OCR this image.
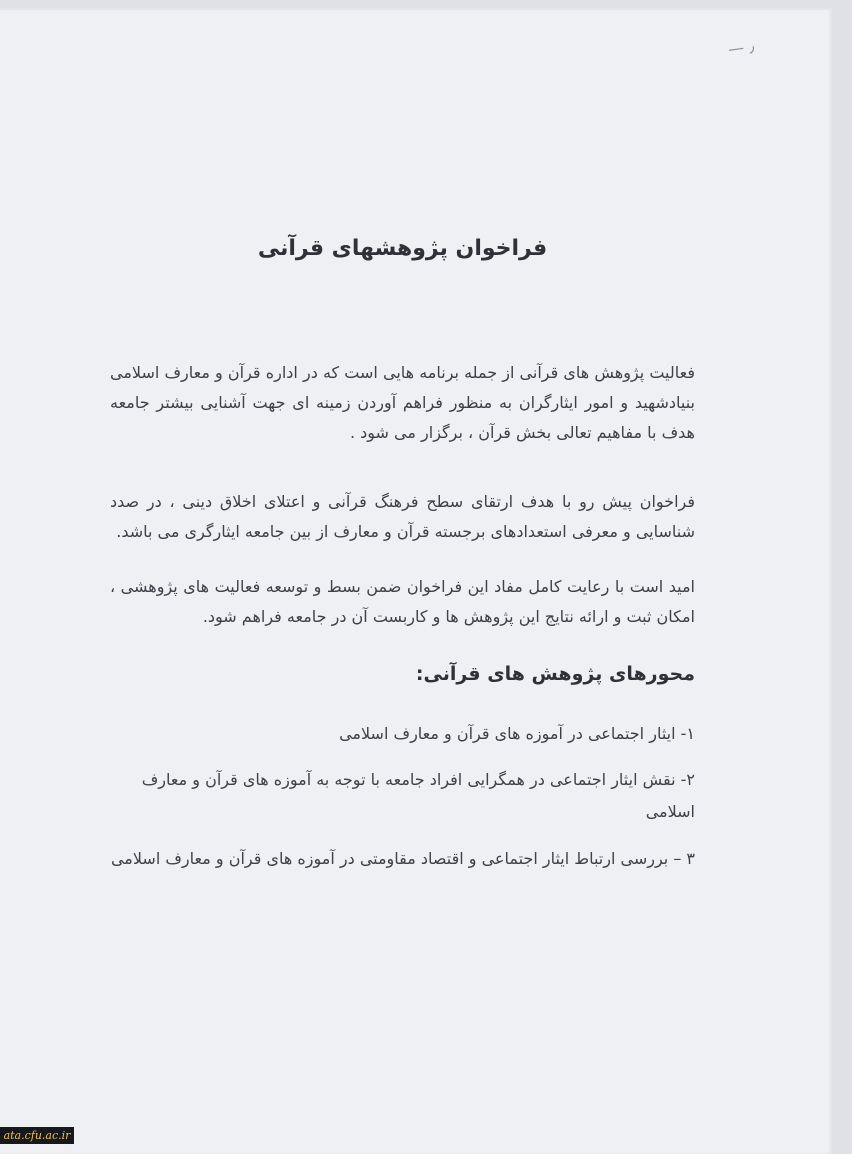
— ٫
فراخوان پژوهشهای قرآنی

فعالیت پژوهش های قرآنی از جمله برنامه هایی است که در اداره قرآن و معارف اسلامی بنیادشهید و امور ایثارگران به منظور فراهم آوردن زمینه ای جهت آشنایی بیشتر جامعه هدف با مفاهیم تعالی بخش قرآن ، برگزار می شود .

فراخوان پیش رو با هدف ارتقای سطح فرهنگ قرآنی و اعتلای اخلاق دینی ، در صدد شناسایی و معرفی استعدادهای برجسته قرآن و معارف از بین جامعه ایثارگری می باشد.

امید است با رعایت کامل مفاد این فراخوان ضمن بسط و توسعه فعالیت های پژوهشی ، امکان ثبت و ارائه نتایج این پژوهش ها و کاربست آن در جامعه فراهم شود.

محورهای پژوهش های قرآنی:

۱- ایثار اجتماعی در آموزه های قرآن و معارف اسلامی

۲- نقش ایثار اجتماعی در همگرایی افراد جامعه با توجه به آموزه های قرآن و معارف اسلامی

۳ – بررسی ارتباط ایثار اجتماعی و اقتصاد مقاومتی در آموزه های قرآن و معارف اسلامی

ata.cfu.ac.ir
